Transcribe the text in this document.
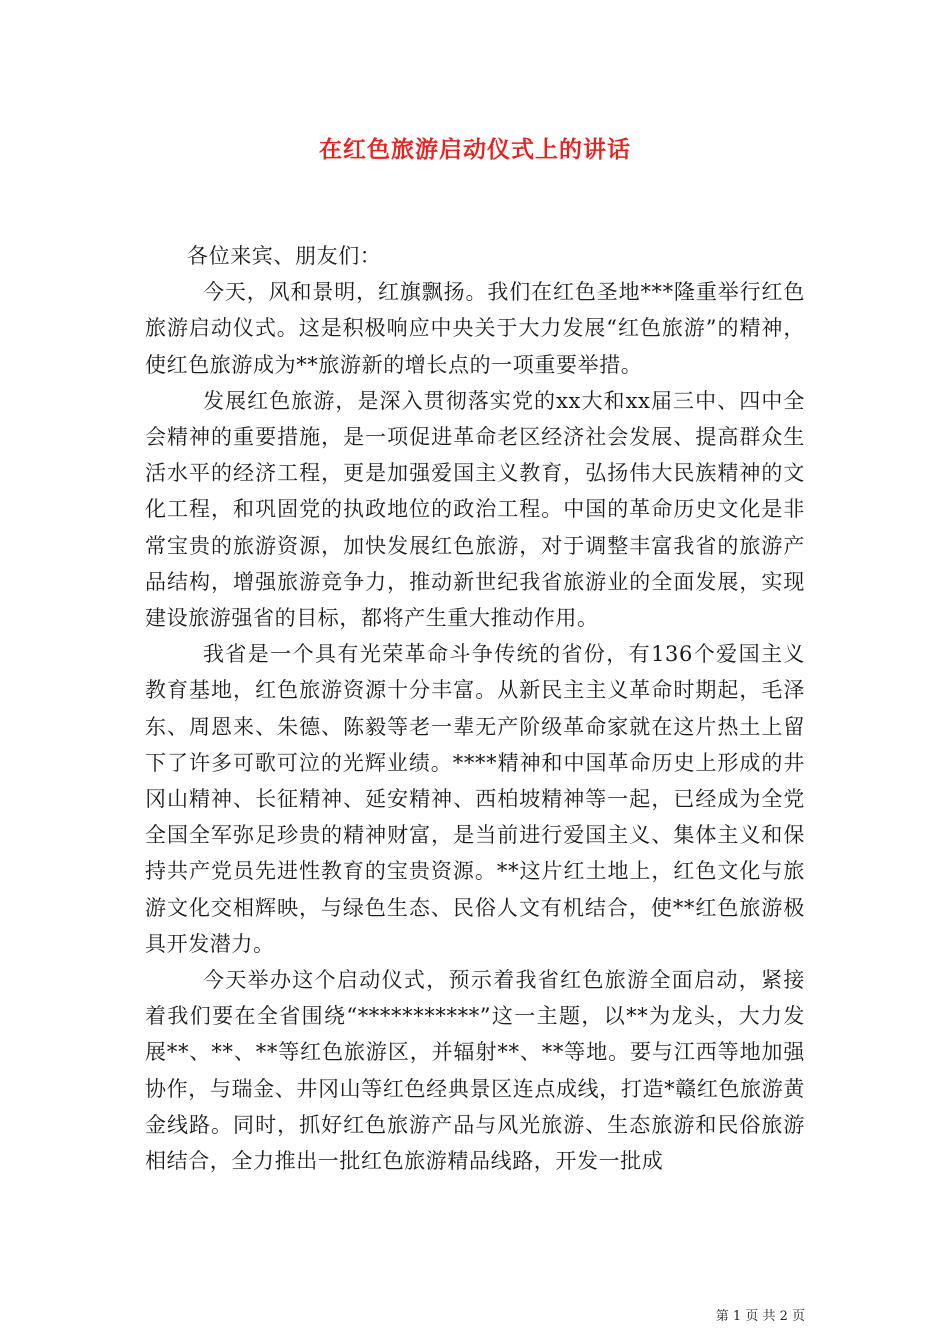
在红色旅游启动仪式上的讲话

各位来宾、朋友们：

今天，风和景明，红旗飘扬。我们在红色圣地***隆重举行红色旅游启动仪式。这是积极响应中央关于大力发展“红色旅游”的精神，使红色旅游成为**旅游新的增长点的一项重要举措。

发展红色旅游，是深入贯彻落实党的xx大和xx届三中、四中全会精神的重要措施，是一项促进革命老区经济社会发展、提高群众生活水平的经济工程，更是加强爱国主义教育，弘扬伟大民族精神的文化工程，和巩固党的执政地位的政治工程。中国的革命历史文化是非常宝贵的旅游资源，加快发展红色旅游，对于调整丰富我省的旅游产品结构，增强旅游竞争力，推动新世纪我省旅游业的全面发展，实现建设旅游强省的目标，都将产生重大推动作用。

我省是一个具有光荣革命斗争传统的省份，有136个爱国主义教育基地，红色旅游资源十分丰富。从新民主主义革命时期起，毛泽东、周恩来、朱德、陈毅等老一辈无产阶级革命家就在这片热土上留下了许多可歌可泣的光辉业绩。****精神和中国革命历史上形成的井冈山精神、长征精神、延安精神、西柏坡精神等一起，已经成为全党全国全军弥足珍贵的精神财富，是当前进行爱国主义、集体主义和保持共产党员先进性教育的宝贵资源。**这片红土地上，红色文化与旅游文化交相辉映，与绿色生态、民俗人文有机结合，使**红色旅游极具开发潜力。

今天举办这个启动仪式，预示着我省红色旅游全面启动，紧接着我们要在全省围绕“***********”这一主题，以**为龙头，大力发展**、**、**等红色旅游区，并辐射**、**等地。要与江西等地加强协作，与瑞金、井冈山等红色经典景区连点成线，打造*赣红色旅游黄金线路。同时，抓好红色旅游产品与风光旅游、生态旅游和民俗旅游相结合，全力推出一批红色旅游精品线路，开发一批成

第 1 页 共 2 页
